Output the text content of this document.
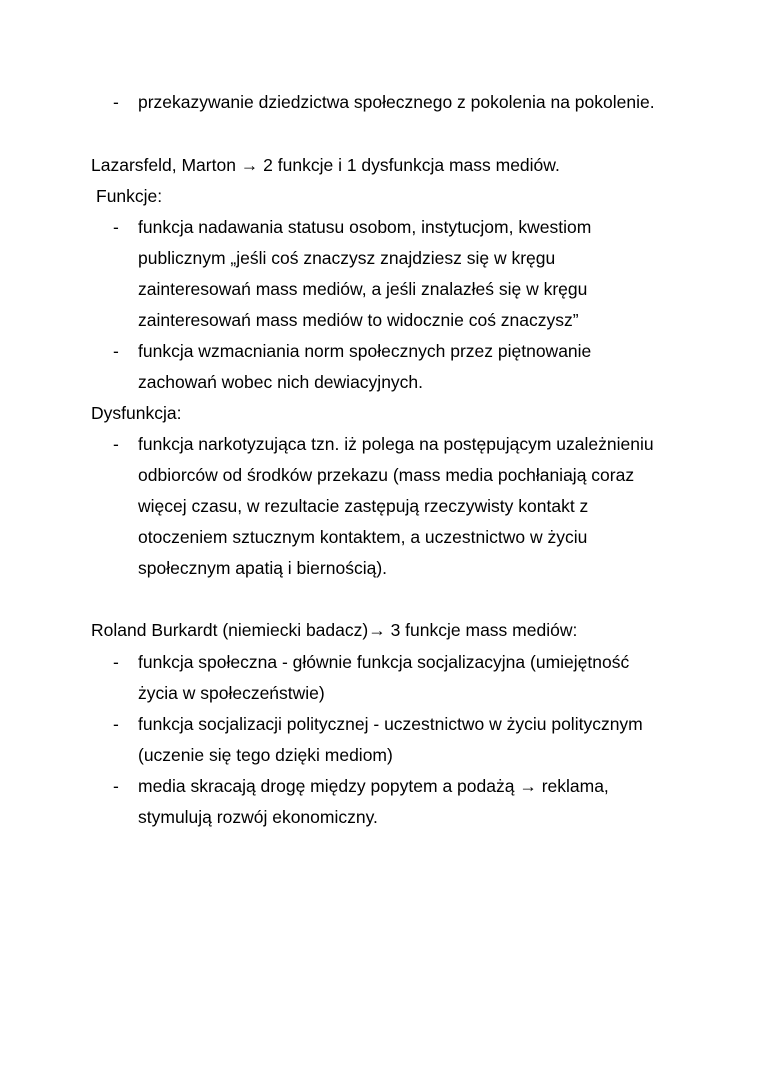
- przekazywanie dziedzictwa społecznego z pokolenia na pokolenie.
Lazarsfeld, Marton → 2 funkcje i 1 dysfunkcja mass mediów.
Funkcje:
- funkcja nadawania statusu osobom, instytucjom, kwestiom
publicznym „jeśli coś znaczysz znajdziesz się w kręgu
zainteresowań mass mediów, a jeśli znalazłeś się w kręgu
zainteresowań mass mediów to widocznie coś znaczysz”
- funkcja wzmacniania norm społecznych przez piętnowanie
zachowań wobec nich dewiacyjnych.
Dysfunkcja:
- funkcja narkotyzująca tzn. iż polega na postępującym uzależnieniu
odbiorców od środków przekazu (mass media pochłaniają coraz
więcej czasu, w rezultacie zastępują rzeczywisty kontakt z
otoczeniem sztucznym kontaktem, a uczestnictwo w życiu
społecznym apatią i biernością).
Roland Burkardt (niemiecki badacz)→ 3 funkcje mass mediów:
- funkcja społeczna - głównie funkcja socjalizacyjna (umiejętność
życia w społeczeństwie)
- funkcja socjalizacji politycznej - uczestnictwo w życiu politycznym
(uczenie się tego dzięki mediom)
- media skracają drogę między popytem a podażą → reklama,
stymulują rozwój ekonomiczny.
